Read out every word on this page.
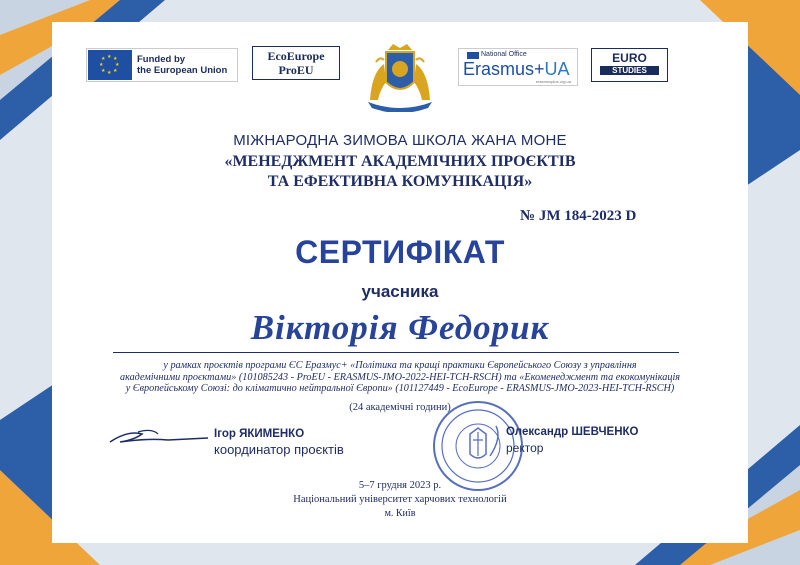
★ ★
★
★
★
★
★
★	Funded by
the European Union
EcoEurope
ProEU
National Office
Erasmus+UA
erasmusplus.org.ua
EURO
STUDIES
МІЖНАРОДНА ЗИМОВА ШКОЛА ЖАНА МОНЕ
«МЕНЕДЖМЕНТ АКАДЕМІЧНИХ ПРОЄКТІВ
ТА ЕФЕКТИВНА КОМУНІКАЦІЯ»
№ JM 184-2023 D
СЕРТИФІКАТ
учасника
Вікторія Федорик
у рамках проєктів програми ЄС Еразмус+ «Політика та кращі практики Європейського Союзу з управління
академічними проєктами» (101085243 - ProEU - ERASMUS-JMO-2022-HEI-TCH-RSCH) та «Екоменеджмент та екокомунікація
у Європейському Союзі: до кліматично нейтральної Європи» (101127449 - EcoEurope - ERASMUS-JMO-2023-HEI-TCH-RSCH)
(24 академічні години)
Ігор ЯКИМЕНКО
координатор проєктів
Олександр ШЕВЧЕНКО
ректор
5–7 грудня 2023 р.
Національний університет харчових технологій
м. Київ
